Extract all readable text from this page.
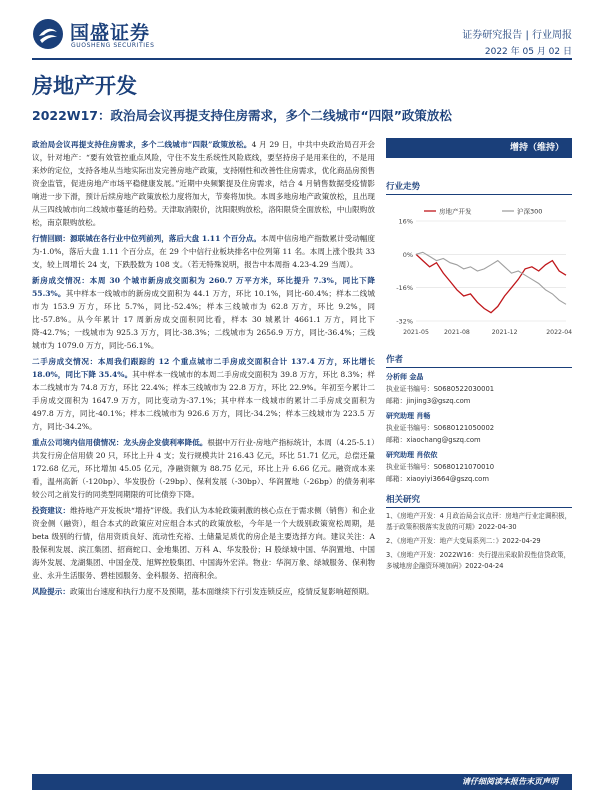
国盛证券
GUOSHENG SECURITIES
证券研究报告 | 行业周报
2022 年 05 月 02 日
房地产开发
2022W17：政治局会议再提支持住房需求，多个二线城市“四限”政策放松

政治局会议再提支持住房需求，多个二线城市“四限”政策放松。4 月 29 日，中共中央政治局召开会议，针对地产：“要有效管控重点风险，守住不发生系统性风险底线，要坚持房子是用来住的，不是用来炒的定位，支持各地从当地实际出发完善房地产政策，支持刚性和改善性住房需求，优化商品房预售资金监管，促进房地产市场平稳健康发展。”近期中央频繁提及住房需求，结合 4 月销售数据受疫情影响进一步下滑，预计后续房地产政策放松力度将加大，节奏将加快。本周多地房地产政策放松，且出现从三四线城市向二线城市蔓延的趋势。天津取消限价，沈阳限购放松，洛阳限贷全面放松，中山限购放松，南京限购放松。

行情回顾：源联城在各行业中位列前列，落后大盘 1.11 个百分点。本周中信房地产指数累计受动幅度为-1.0%，落后大盘 1.11 个百分点，在 29 个中信行业板块排名中位列第 11 名。本周上涨个股共 33 支，较上周增长 24 支，下跌股数为 108 支。（若无特殊说明，报告中本周指 4.23-4.29 当周）。

新房成交情况：本周 30 个城市新房成交面积为 260.7 万平方米，环比提升 7.3%，同比下降 55.3%。其中样本一线城市的新房成交面积为 44.1 万方，环比 10.1%，同比-60.4%；样本二线城市为 153.9 万方，环比 5.7%，同比-52.4%；样本三线城市为 62.8 万方，环比 9.2%，同比-57.8%。从今年累计 17 周新房成交面积同比看，样本 30 城累计 4661.1 万方，同比下降-42.7%；一线城市为 925.3 万方，同比-38.3%；二线城市为 2656.9 万方，同比-36.4%；三线城市为 1079.0 万方，同比-56.1%。

二手房成交情况：本周我们跟踪的 12 个重点城市二手房成交面积合计 137.4 万方，环比增长 18.0%，同比下降 35.4%。其中样本一线城市的本周二手房成交面积为 39.8 万方，环比 8.3%；样本二线城市为 74.8 万方，环比 22.4%；样本三线城市为 22.8 万方，环比 22.9%。年初至今累计二手房成交面积为 1647.9 万方，同比变动为-37.1%；其中样本一线城市的累计二手房成交面积为 497.8 万方，同比-40.1%；样本二线城市为 926.6 万方，同比-34.2%；样本三线城市为 223.5 万方，同比-34.2%。

重点公司境内信用债情况：龙头房企发债利率降低。根据中万行业-房地产指标统计，本周（4.25-5.1）共发行房企信用债 20 只，环比上升 4 支；发行规模共计 216.43 亿元，环比 51.71 亿元，总偿还量 172.68 亿元，环比增加 45.05 亿元，净融资额为 88.75 亿元，环比上升 6.66 亿元。融资成本来看，温州高新（-120bp）、华发股份（-29bp）、保利发展（-30bp）、华润置地（-26bp）的债务利率较公司之前发行的同类型同期限的可比债券下降。

投资建议：维持地产开发板块“增持”评级。我们认为本轮政策刺激的核心点在于需求侧（销售）和企业资金侧（融资），组合本式的政策应对应组合本式的政策放松，今年是一个大级别政策宽松周期，是 beta 级别的行情，信用资质良好、流动性充裕、土储量足质优的房企是主要选择方向。建议关注：A 股保利发展、滨江集团、招商蛇口、金地集团、万科 A、华发股份；H 股绿城中国、华润置地、中国海外发展、龙湖集团、中国金茂、旭辉控股集团、中国海外宏洋。物业：华润万象、绿城服务、保利物业、永升生活服务、碧桂园服务、金科服务、招商积余。

风险提示：政策出台速度和执行力度不及预期，基本面继续下行引发连锁反应，疫情反复影响超预期。

增持（维持）
行业走势
16%
0%
-16%
-32%
2021-05 2021-08	2021-12	2022-04
房地产开发	沪深300
作者
分析师 金晶
执业证书编号：S0680522030001
邮箱：jinjing3@gszq.com
研究助理 肖畅
执业证书编号：S0680121050002
邮箱：xiaochang@gszq.com
研究助理 肖依依
执业证书编号：S0680121070010
邮箱：xiaoyiyi3664@gszq.com
相关研究
1、《房地产开发：4 月政治局会议点评：房地产行业定调积极，基于政策积极落实发放的可期》2022-04-30
2、《房地产开发：地产大变局系列二：》2022-04-29
3、《房地产开发：2022W16：央行提出采取阶段性信贷政策，多城地房企融资环境加码》2022-04-24
请仔细阅读本报告末页声明
